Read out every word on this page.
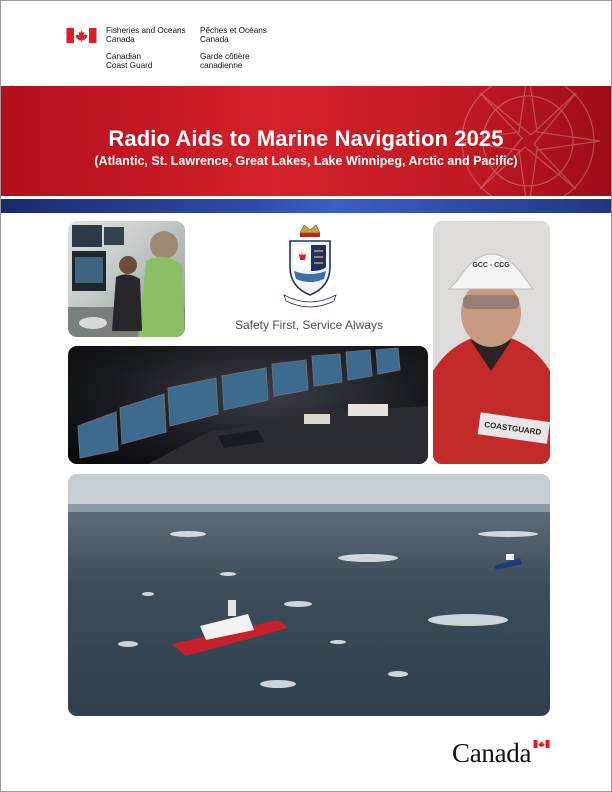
Fisheries and Oceans
Canada
Pêches et Océans
Canada
Canadian
Coast Guard
Garde côtière
canadienne
Radio Aids to Marine Navigation 2025
(Atlantic, St. Lawrence, Great Lakes, Lake Winnipeg, Arctic and Pacific)
Safety First, Service Always
GCC - CCG
COASTGUARD
Canada
